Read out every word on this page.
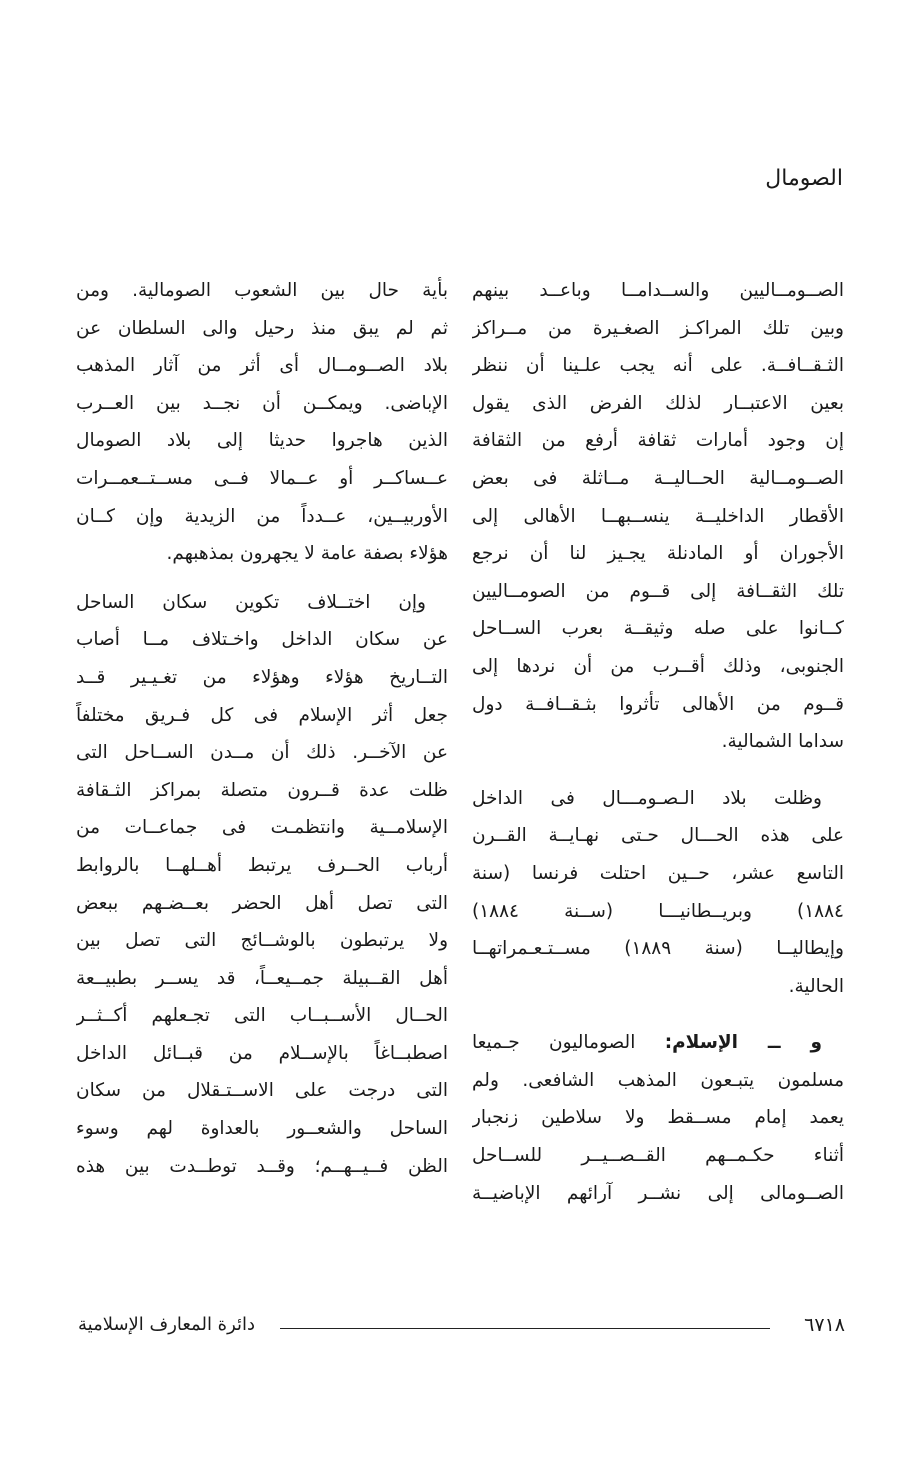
الصومال
الصــومــاليين والســدامــا وباعــد بينهم
وبين تلك المراكـز الصغـيرة من مــراكز
الثـقــافــة. على أنه يجب علـينا أن ننظر
بعين الاعتبــار لذلك الفرض الذى يقول
إن وجود أمارات ثقافة أرفع من الثقافة
الصــومــالية الحــاليــة مــاثلة فى بعض
الأقطار الداخليــة ينســبهــا الأهالى إلى
الأجوران أو المادنلة يجـيز لنا أن نرجع
تلك الثقــافة إلى قــوم من الصومــاليين
كــانوا على صله وثيقــة بعرب الســاحل
الجنوبى، وذلك أقــرب من أن نردها إلى
قــوم من الأهالى تأثروا بثـقــافــة دول
سداما الشمالية.
وظلت بلاد الـصـومـــال فى الداخل
على هذه الحـــال حـتى نهـايــة القــرن
التاسع عشر، حــين احتلت فرنسا (سنة
١٨٨٤) وبريــطانيـــا (ســنة ١٨٨٤)
وإيطاليــا (سنة ١٨٨٩) مســتـعـمراتهــا
الحالية.
و ــ الإسلام: الصوماليون جـميعا
مسلمون يتبـعون المذهب الشافعى. ولم
يعمد إمام مســقط ولا سلاطين زنجبار
أثناء حكـمــهم القــصــيــر للســاحل
الصــومالى إلى نشــر آرائهم الإباضيــة
بأية حال بين الشعوب الصومالية. ومن
ثم لم يبق منذ رحيل والى السلطان عن
بلاد الصــومــال أى أثر من آثار المذهب
الإباضى. ويمكــن أن نجــد بين العــرب
الذين هاجروا حديثا إلى بلاد الصومال
عــساكــر أو عــمالا فــى مســتــعمــرات
الأوربيــين، عــدداً من الزيدية وإن كــان
هؤلاء بصفة عامة لا يجهرون بمذهبهم.
وإن اختــلاف تكوين سكان الساحل
عن سكان الداخل واخـتلاف مــا أصاب
التــاريخ هؤلاء وهؤلاء من تغـيـير قــد
جعل أثر الإسلام فى كل فـريق مختلفاً
عن الآخــر. ذلك أن مــدن الســاحل التى
ظلت عدة قــرون متصلة بمراكز الثـقافة
الإسلامــية وانتظمـت فى جماعــات من
أرباب الحــرف يرتبط أهــلهــا بالروابط
التى تصل أهل الحضر بعــضـهم ببعض
ولا يرتبطون بالوشــائج التى تصل بين
أهل القــبيلة جمــيعــاً، قد يســر بطبيــعة
الحــال الأســبــاب التى تجـعلهم أكــثــر
اصطبــاغاً بالإســلام من قبــائل الداخل
التى درجت على الاســتـقلال من سكان
الساحل والشعــور بالعداوة لهم وسوء
الظن فــيــهــم؛ وقــد توطــدت بين هذه
٦٧١٨
دائرة المعارف الإسلامية
